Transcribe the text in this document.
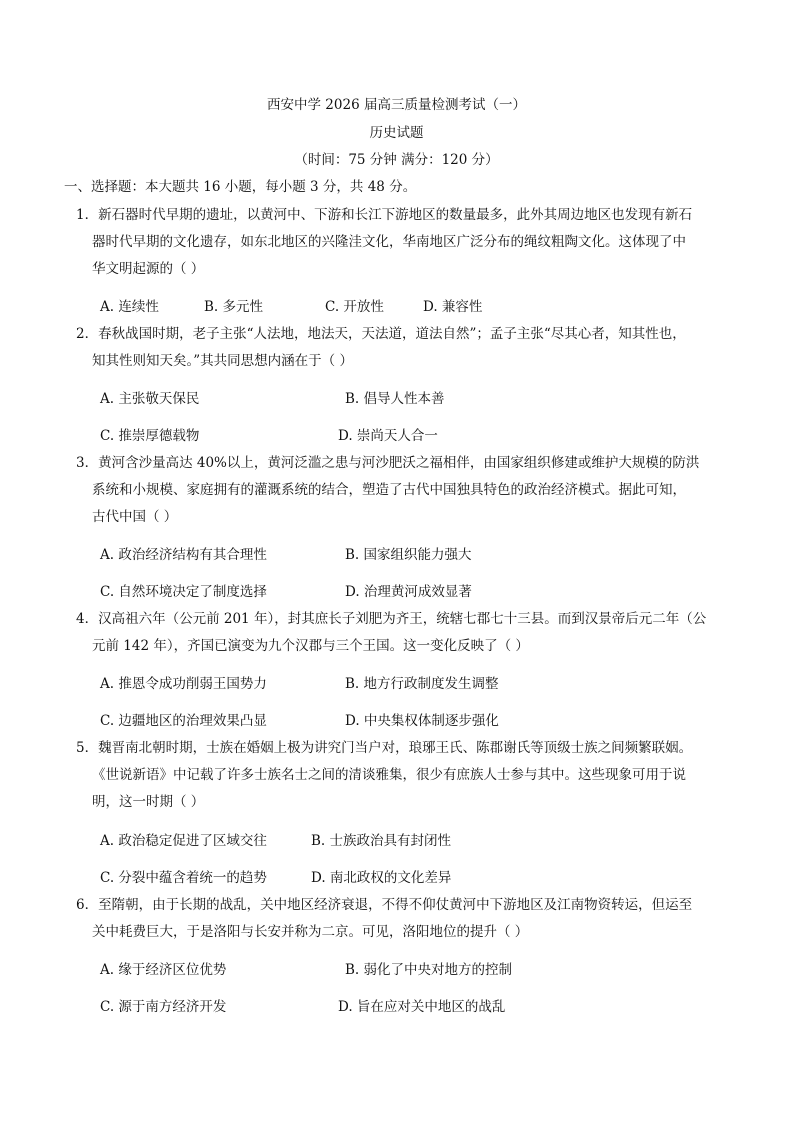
西安中学 2026 届高三质量检测考试（一）
历史试题
（时间：75 分钟 满分：120 分）
一、选择题：本大题共 16 小题，每小题 3 分，共 48 分。
1．新石器时代早期的遗址，以黄河中、下游和长江下游地区的数量最多，此外其周边地区也发现有新石
器时代早期的文化遗存，如东北地区的兴隆洼文化，华南地区广泛分布的绳纹粗陶文化。这体现了中
华文明起源的（ ）
A. 连续性	B. 多元性	C. 开放性	D. 兼容性
2．春秋战国时期，老子主张“人法地，地法天，天法道，道法自然”；孟子主张“尽其心者，知其性也，
知其性则知天矣。”其共同思想内涵在于（ ）
A. 主张敬天保民	B. 倡导人性本善
C. 推崇厚德载物	D. 崇尚天人合一
3．黄河含沙量高达 40%以上，黄河泛滥之患与河沙肥沃之福相伴，由国家组织修建或维护大规模的防洪
系统和小规模、家庭拥有的灌溉系统的结合，塑造了古代中国独具特色的政治经济模式。据此可知，
古代中国（ ）
A. 政治经济结构有其合理性	B. 国家组织能力强大
C. 自然环境决定了制度选择	D. 治理黄河成效显著
4．汉高祖六年（公元前 201 年），封其庶长子刘肥为齐王，统辖七郡七十三县。而到汉景帝后元二年（公
元前 142 年），齐国已演变为九个汉郡与三个王国。这一变化反映了（ ）
A. 推恩令成功削弱王国势力	B. 地方行政制度发生调整
C. 边疆地区的治理效果凸显	D. 中央集权体制逐步强化
5．魏晋南北朝时期，士族在婚姻上极为讲究门当户对，琅琊王氏、陈郡谢氏等顶级士族之间频繁联姻。
《世说新语》中记载了许多士族名士之间的清谈雅集，很少有庶族人士参与其中。这些现象可用于说
明，这一时期（ ）
A. 政治稳定促进了区域交往	B. 士族政治具有封闭性
C. 分裂中蕴含着统一的趋势	D. 南北政权的文化差异
6．至隋朝，由于长期的战乱，关中地区经济衰退，不得不仰仗黄河中下游地区及江南物资转运，但运至
关中耗费巨大，于是洛阳与长安并称为二京。可见，洛阳地位的提升（ ）
A. 缘于经济区位优势	B. 弱化了中央对地方的控制
C. 源于南方经济开发	D. 旨在应对关中地区的战乱
